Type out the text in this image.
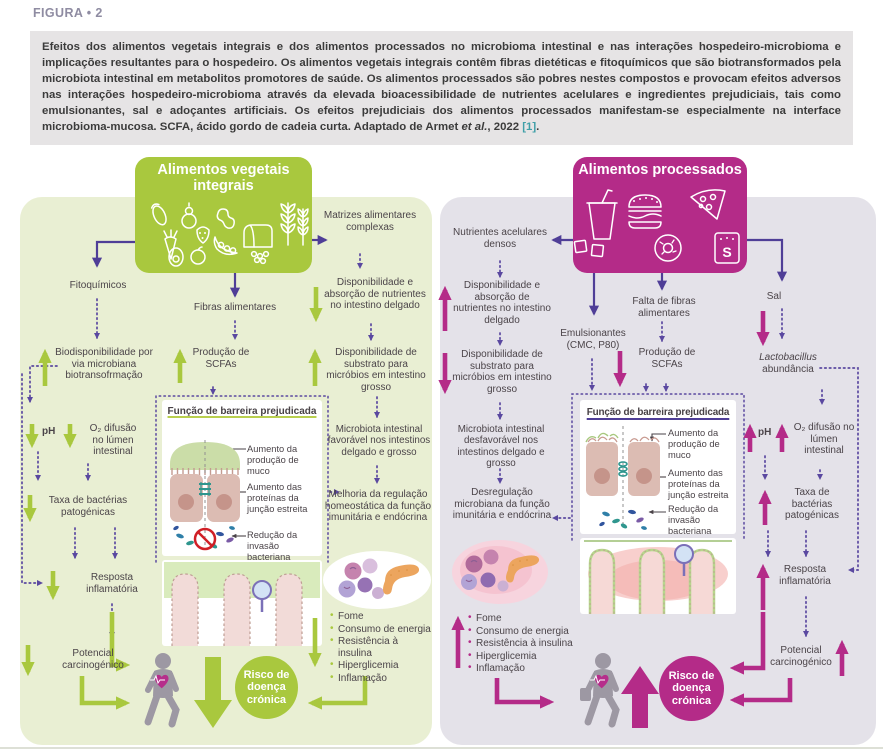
FIGURA • 2
Efeitos dos alimentos vegetais integrais e dos alimentos processados no microbioma intestinal e nas interações hospedeiro-microbioma e implicações resultantes para o hospedeiro. Os alimentos vegetais integrais contêm fibras dietéticas e fitoquímicos que são biotransformados pela microbiota intestinal em metabolitos promotores de saúde. Os alimentos processados são pobres nestes compostos e provocam efeitos adversos nas interações hospedeiro-microbioma através da elevada bioacessibilidade de nutrientes acelulares e ingredientes prejudiciais, tais como emulsionantes, sal e adoçantes artificiais. Os efeitos prejudiciais dos alimentos processados manifestam-se especialmente na interface microbioma-mucosa. SCFA, ácido gordo de cadeia curta. Adaptado de Armet et al., 2022 [1].
Alimentos vegetais integrais
Alimentos processados
S
Matrizes alimentares complexas
Fitoquímicos
Fibras alimentares
Disponibilidade e absorção de nutrientes no intestino delgado
Biodisponibilidade por via microbiana biotransofrmação
Produção de SCFAs
Disponibilidade de substrato para micróbios em intestino grosso
pH	O₂ difusão no lúmen intestinal
Taxa de bactérias patogénicas
Resposta inflamatória
Potencial carcinogénico
Função de barreira prejudicada
Aumento da produção de muco
Aumento das proteínas da junção estreita
Redução da invasão bacteriana
Microbiota intestinal favorável nos intestinos delgado e grosso
Melhoria da regulação homeostática da função imunitária e endócrina
• Fome
• Consumo de energia
• Resistência à insulina
• Hiperglicemia
• Inflamação
Risco de doença crónica
Nutrientes acelulares densos
Disponibilidade e absorção de nutrientes no intestino delgado
Emulsionantes (CMC, P80)
Falta de fibras alimentares
Sal
Produção de SCFAs
Lactobacillus
abundância
Disponibilidade de substrato para micróbios em intestino grosso
Microbiota intestinal desfavorável nos intestinos delgado e grosso
Desregulação microbiana da função imunitária e endócrina
Função de barreira prejudicada
Aumento da produção de muco
Aumento das proteínas da junção estreita
Redução da invasão bacteriana
pH	O₂ difusão no lúmen intestinal
Taxa de bactérias patogénicas
Resposta inflamatória
Potencial carcinogénico
• Fome
• Consumo de energia
• Resistência à insulina
• Hiperglicemia
• Inflamação
Risco de doença crónica
